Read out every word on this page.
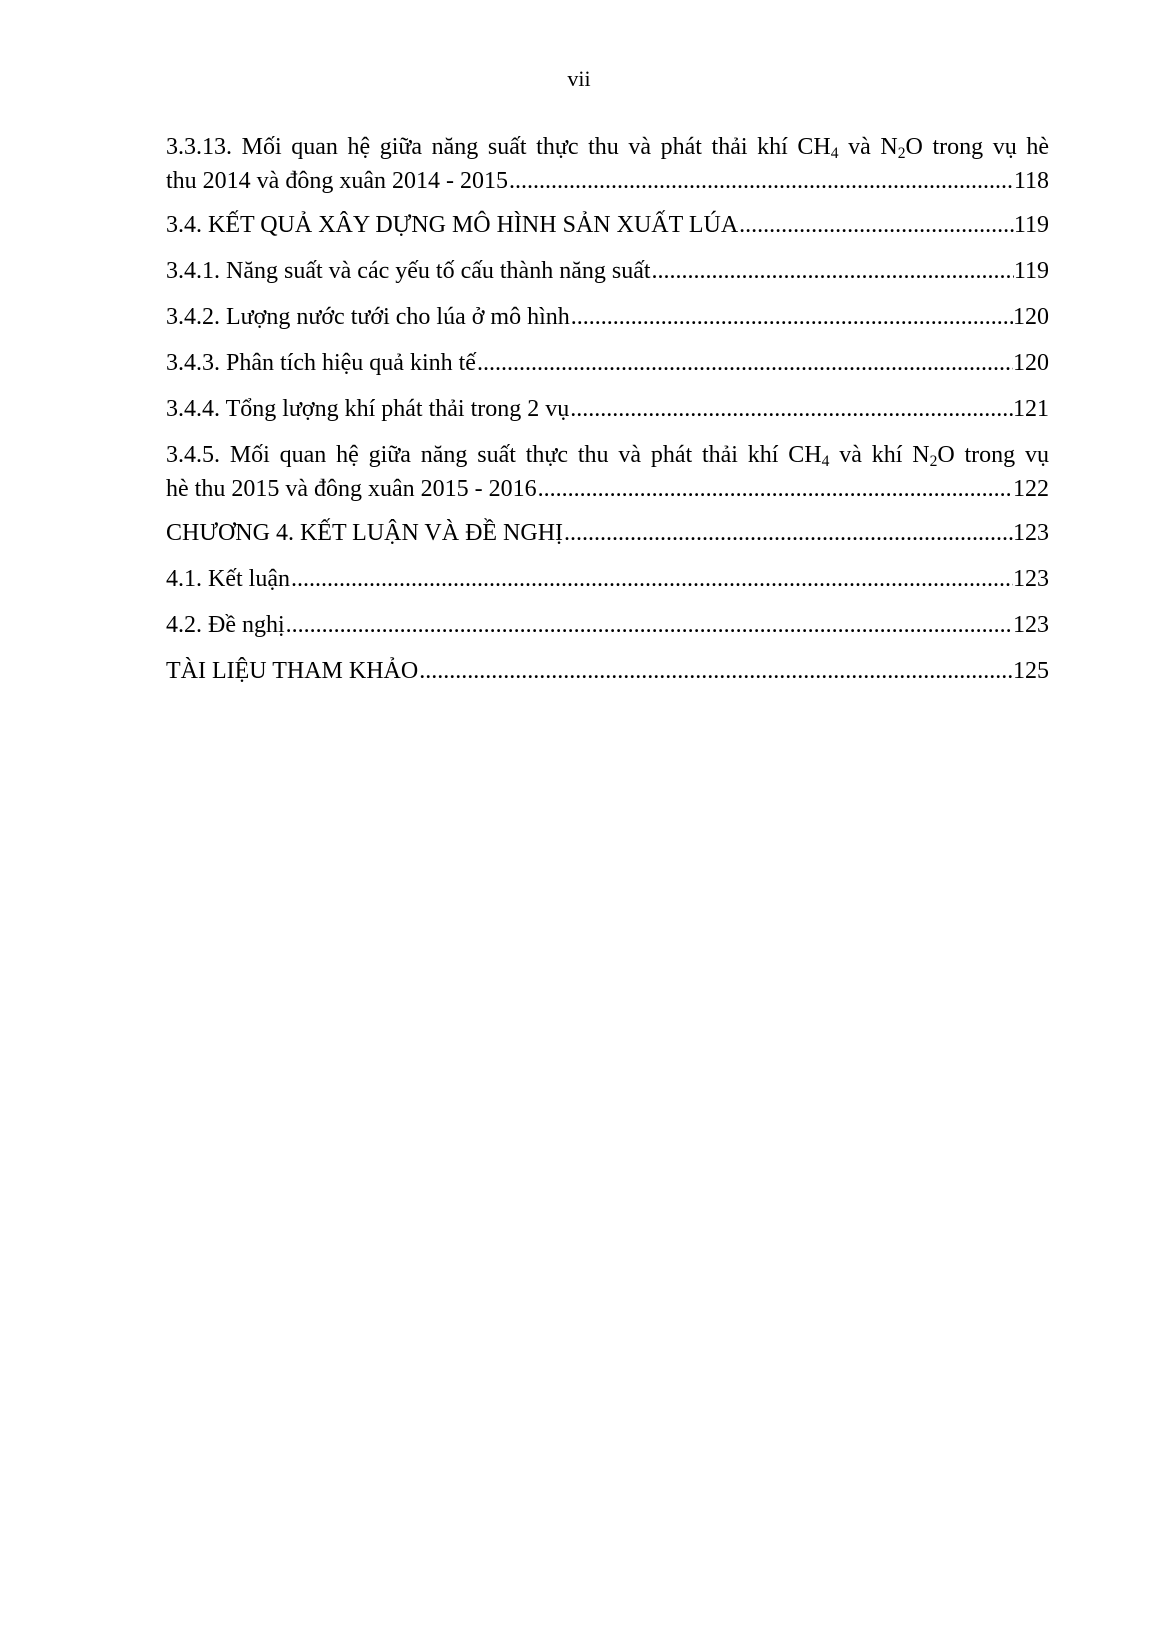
vii
3.3.13. Mối quan hệ giữa năng suất thực thu và phát thải khí $CH_4$ và $N_2O$ trong vụ hè
thu 2014 và đông xuân 2014 - 2015 .....	118
3.4. KẾT QUẢ XÂY DỰNG MÔ HÌNH SẢN XUẤT LÚA .....	119
3.4.1. Năng suất và các yếu tố cấu thành năng suất .....	119
3.4.2. Lượng nước tưới cho lúa ở mô hình .....	120
3.4.3. Phân tích hiệu quả kinh tế .....	120
3.4.4. Tổng lượng khí phát thải trong 2 vụ .....	121
3.4.5. Mối quan hệ giữa năng suất thực thu và phát thải khí $CH_4$ và khí $N_2O$ trong vụ
hè thu 2015 và đông xuân 2015 - 2016 .....	122
CHƯƠNG 4. KẾT LUẬN VÀ ĐỀ NGHỊ .....	123
4.1. Kết luận .....	123
4.2. Đề nghị .....	123
TÀI LIỆU THAM KHẢO .....	125
